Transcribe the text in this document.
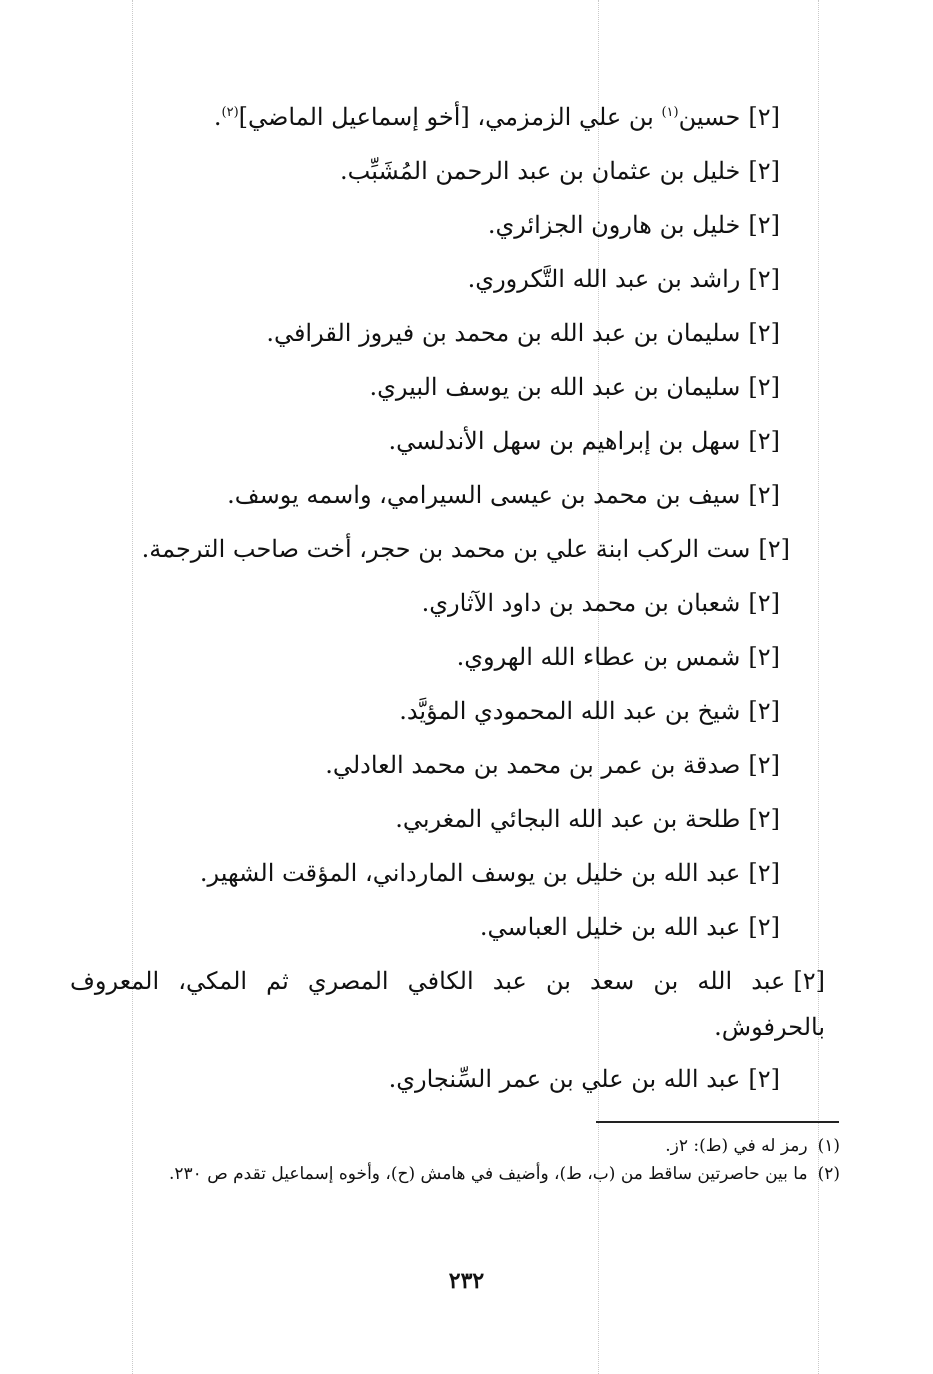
[٢]حسين$^{(١)}$ بن علي الزمزمي، [أخو إسماعيل الماضي]$^{(٢)}$.

[٢]خليل بن عثمان بن عبد الرحمن المُشَبِّب.

[٢]خليل بن هارون الجزائري.

[٢]راشد بن عبد الله التَّكروري.

[٢]سليمان بن عبد الله بن محمد بن فيروز القرافي.

[٢]سليمان بن عبد الله بن يوسف البيري.

[٢]سهل بن إبراهيم بن سهل الأندلسي.

[٢]سيف بن محمد بن عيسى السيرامي، واسمه يوسف.

[٢]ست الركب ابنة علي بن محمد بن حجر، أخت صاحب الترجمة.

[٢]شعبان بن محمد بن داود الآثاري.

[٢]شمس بن عطاء الله الهروي.

[٢]شيخ بن عبد الله المحمودي المؤيَّد.

[٢]صدقة بن عمر بن محمد بن محمد العادلي.

[٢]طلحة بن عبد الله البجائي المغربي.

[٢]عبد الله بن خليل بن يوسف المارداني، المؤقت الشهير.

[٢]عبد الله بن خليل العباسي.

[٢]عبد الله بن سعد بن عبد الكافي المصري ثم المكي، المعروف بالحرفوش.

[٢]عبد الله بن علي بن عمر السِّنجاري.

(١)رمز له في (ط): ٢ز.

(٢)ما بين حاصرتين ساقط من (ب، ط)، وأضيف في هامش (ح)، وأخوه إسماعيل تقدم ص ٢٣٠.

٢٣٢
